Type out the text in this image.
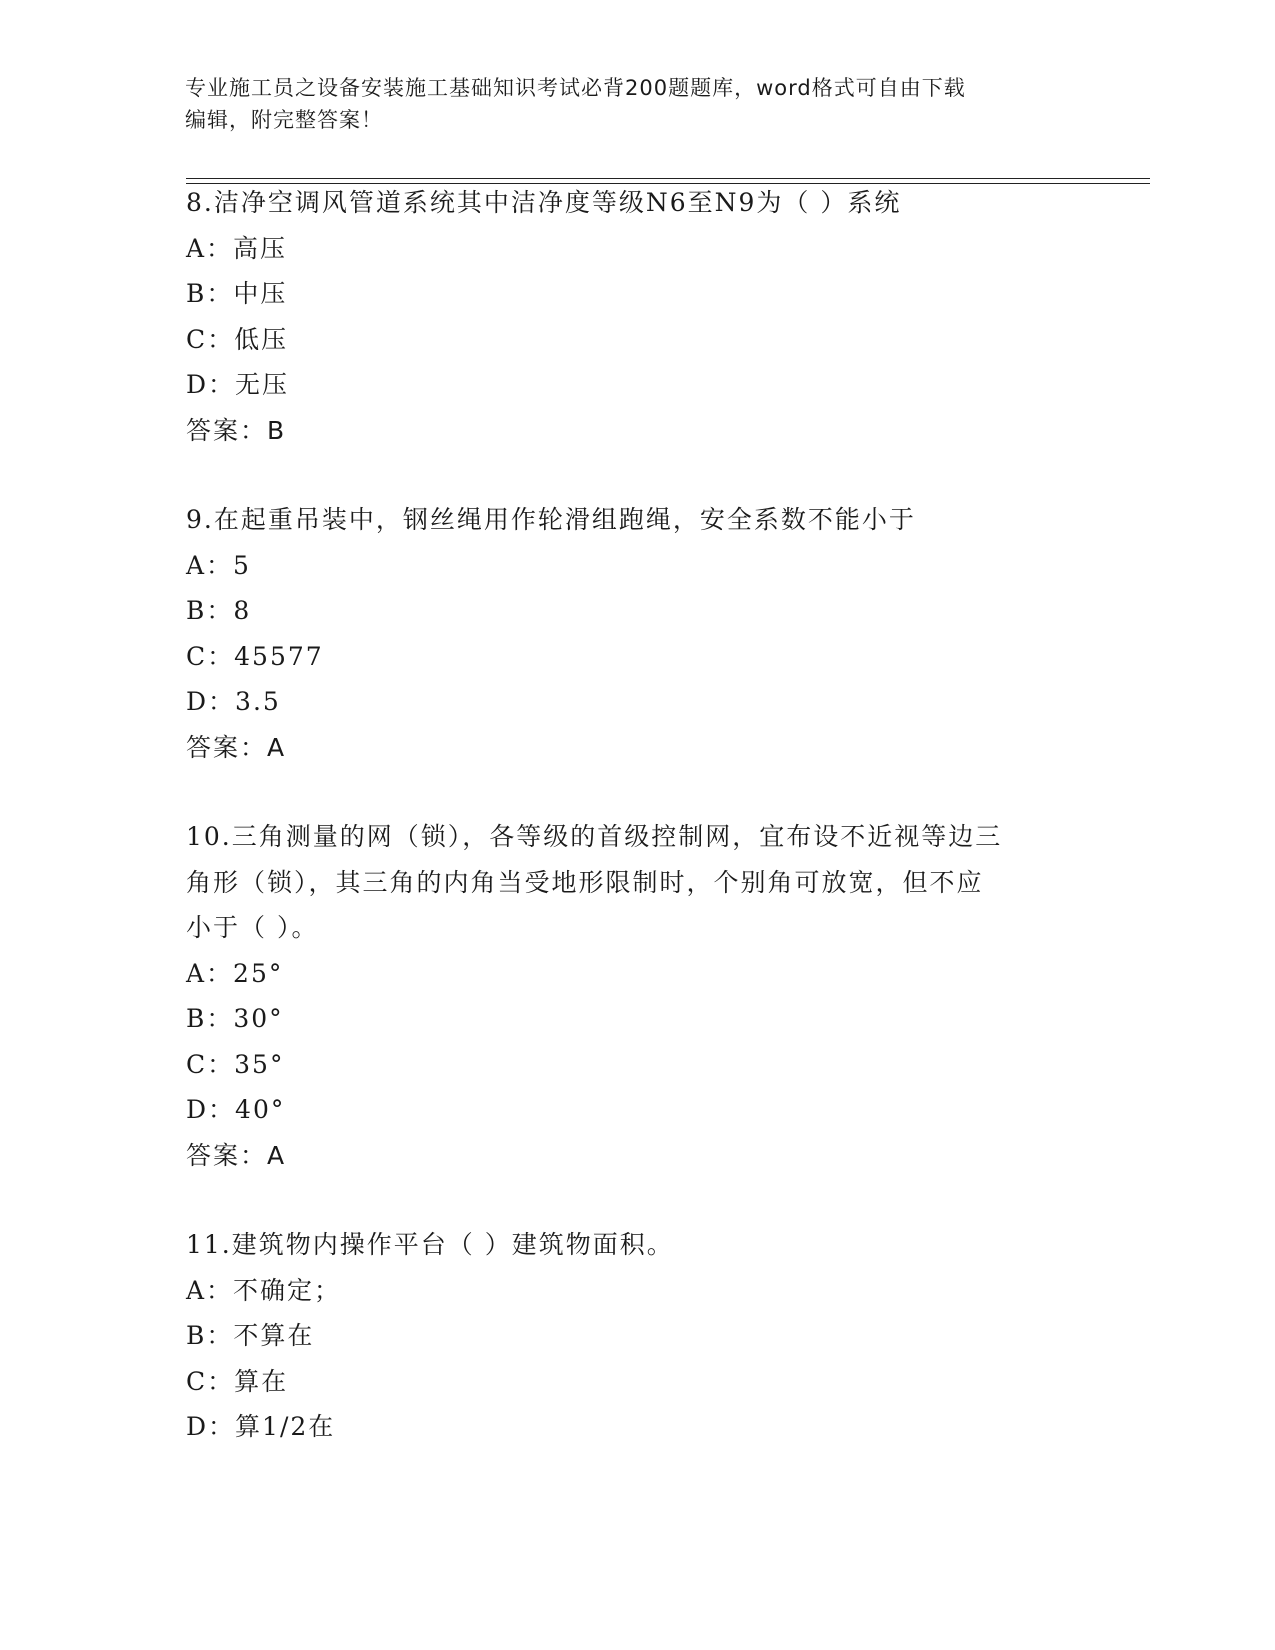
专业施工员之设备安装施工基础知识考试必背200题题库，word格式可自由下载
编辑，附完整答案！
8.洁净空调风管道系统其中洁净度等级N6至N9为（ ）系统
A：高压
B：中压
C：低压
D：无压
答案：B
9.在起重吊装中，钢丝绳用作轮滑组跑绳，安全系数不能小于
A：5
B：8
C：45577
D：3.5
答案：A
10.三角测量的网（锁），各等级的首级控制网，宜布设不近视等边三
角形（锁），其三角的内角当受地形限制时，个别角可放宽，但不应
小于（ ）。
A：25°
B：30°
C：35°
D：40°
答案：A
11.建筑物内操作平台（ ）建筑物面积。
A：不确定；
B：不算在
C：算在
D：算1/2在
